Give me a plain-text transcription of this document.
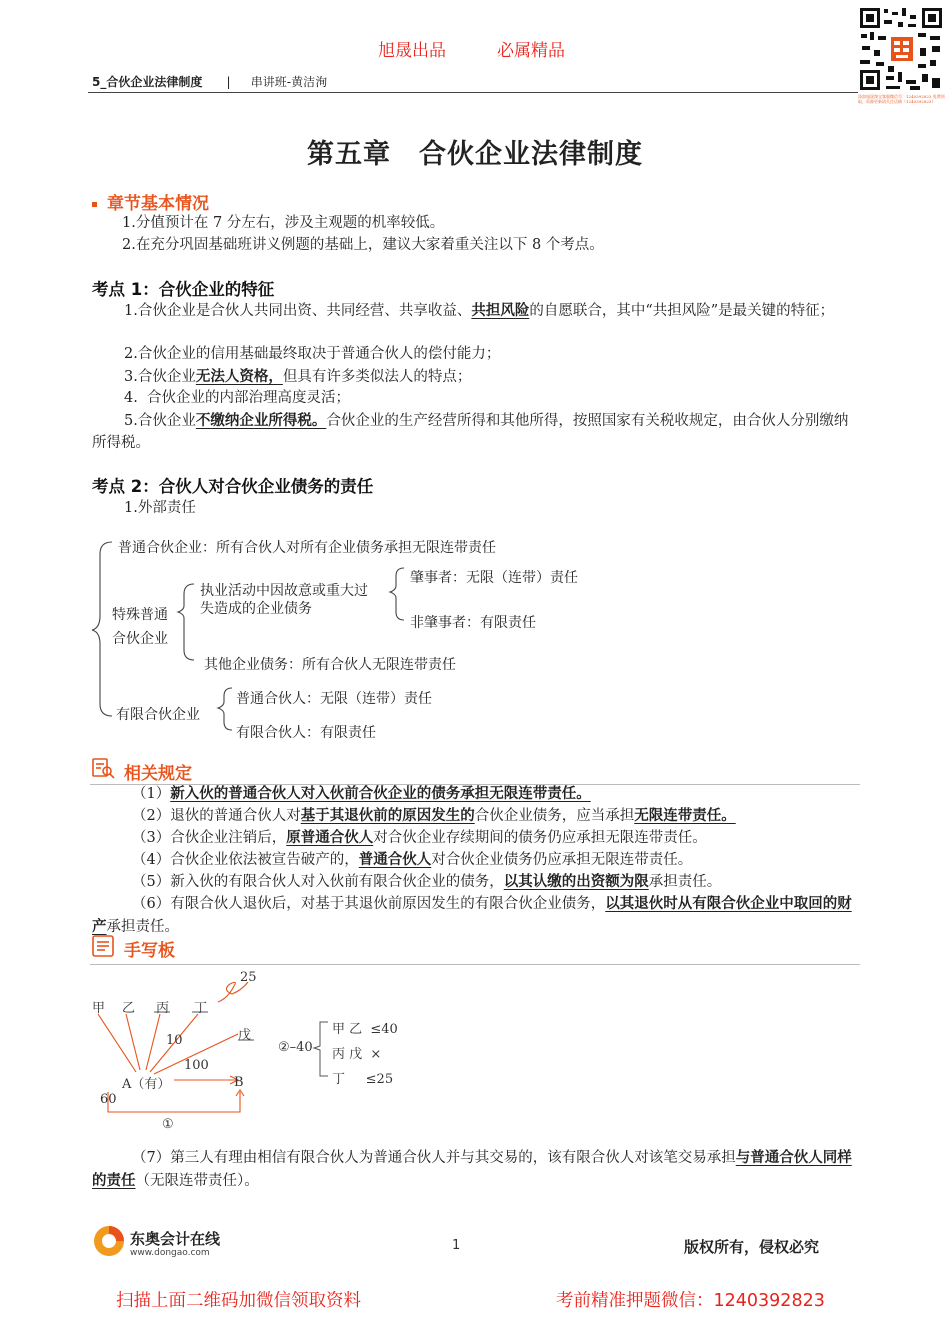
旭晟出品	必属精品
添加旭晟淘宝客服微信号：1240392823 免费领取，资源更新请关注店铺（1240392823）
5_合伙企业法律制度 | 串讲班-黄洁洵
第五章　合伙企业法律制度
章节基本情况
1.分值预计在 7 分左右，涉及主观题的机率较低。
2.在充分巩固基础班讲义例题的基础上，建议大家着重关注以下 8 个考点。
考点 1：合伙企业的特征
1.合伙企业是合伙人共同出资、共同经营、共享收益、共担风险的自愿联合，其中“共担风险”是最关键的特征；
2.合伙企业的信用基础最终取决于普通合伙人的偿付能力；
3.合伙企业无法人资格，但具有许多类似法人的特点；
4.  合伙企业的内部治理高度灵活；
5.合伙企业不缴纳企业所得税。合伙企业的生产经营所得和其他所得，按照国家有关税收规定，由合伙人分别缴纳所得税。
考点 2：合伙人对合伙企业债务的责任
1.外部责任
普通合伙企业：所有合伙人对所有企业债务承担无限连带责任
特殊普通
合伙企业
执业活动中因故意或重大过
失造成的企业债务
肇事者：无限（连带）责任
非肇事者：有限责任
其他企业债务：所有合伙人无限连带责任
有限合伙企业
普通合伙人：无限（连带）责任
有限合伙人：有限责任
相关规定
（1）新入伙的普通合伙人对入伙前合伙企业的债务承担无限连带责任。
（2）退伙的普通合伙人对基于其退伙前的原因发生的合伙企业债务，应当承担无限连带责任。
（3）合伙企业注销后，原普通合伙人对合伙企业存续期间的债务仍应承担无限连带责任。
（4）合伙企业依法被宣告破产的，普通合伙人对合伙企业债务仍应承担无限连带责任。
（5）新入伙的有限合伙人对入伙前有限合伙企业的债务，以其认缴的出资额为限承担责任。
（6）有限合伙人退伙后，对基于其退伙前原因发生的有限合伙企业债务，以其退伙时从有限合伙企业中取回的财产承担责任。
手写板
甲 乙 丙 丁
戊
25
10
100
A（有）	B
60
①
②–40
甲 乙  ≤40
丙 戊  ×
丁     ≤25
（7）第三人有理由相信有限合伙人为普通合伙人并与其交易的，该有限合伙人对该笔交易承担与普通合伙人同样的责任（无限连带责任）。
东奥会计在线
www.dongao.com	1	版权所有，侵权必究
扫描上面二维码加微信领取资料	考前精准押题微信：1240392823
